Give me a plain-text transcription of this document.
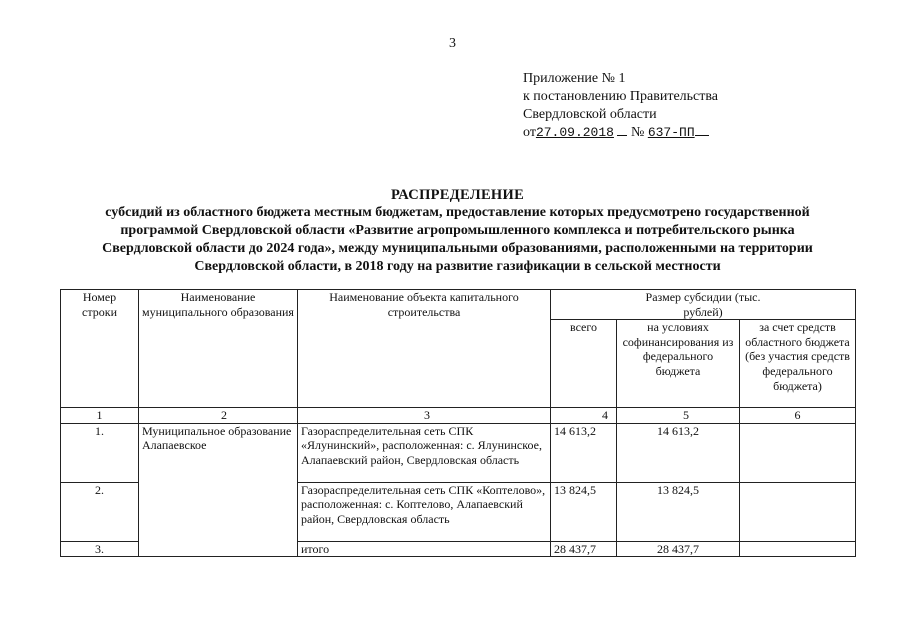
3
Приложение № 1
к постановлению Правительства
Свердловской области
от27.09.2018 № 637-ПП
РАСПРЕДЕЛЕНИЕ
субсидий из областного бюджета местным бюджетам, предоставление которых предусмотрено государственной
программой Свердловской области «Развитие агропромышленного комплекса и потребительского рынка
Свердловской области до 2024 года», между муниципальными образованиями, расположенными на территории
Свердловской области, в 2018 году на развитие газификации в сельской местности
Номер строки	Наименование муниципального образования	Наименование объекта капитального строительства	Размер субсидии (тыс. рублей)		
			всего	на условиях софинансирования из федерального бюджета	за счет средств областного бюджета (без участия средств федерального бюджета)
1	2	3	4	5	6
1.	Муниципальное образование Алапаевское	Газораспределительная сеть СПК «Ялунинский», расположенная: с. Ялунинское, Алапаевский район, Свердловская область	14 613,2	14 613,2	
2.		Газораспределительная сеть СПК «Коптелово», расположенная: с. Коптелово, Алапаевский район, Свердловская область	13 824,5	13 824,5	
3.		итого	28 437,7	28 437,7	
